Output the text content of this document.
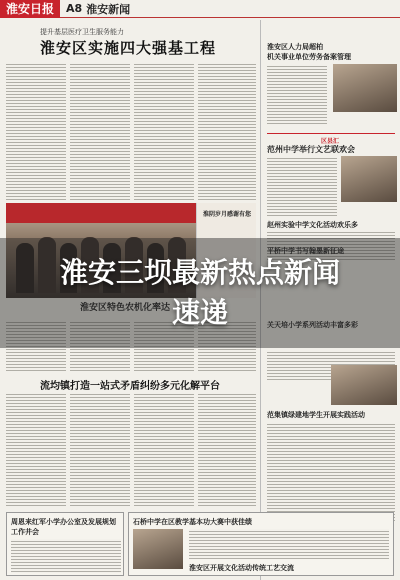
淮安日报	A8 淮安新闻
提升基层医疗卫生服务能力
淮安区实施四大强基工程
淮阴岁月感谢有您
淮安区特色农机化率达
流均镇打造一站式矛盾纠纷多元化解平台
淮安区人力局超柏
机关事业单位劳务备案管理
区县汇
范州中学举行文艺联欢会
赵州实验中学文化活动欢乐多
平桥中学书写翰墨新征途
关天培小学系列活动丰富多彩
范集镇绿建地学生开展实践活动
周恩来红军小学办公室及发展规划工作井会
石桥中学在区教学基本功大赛中获佳绩
淮安区开展文化活动传统工艺交流
淮安三坝最新热点新闻速递
